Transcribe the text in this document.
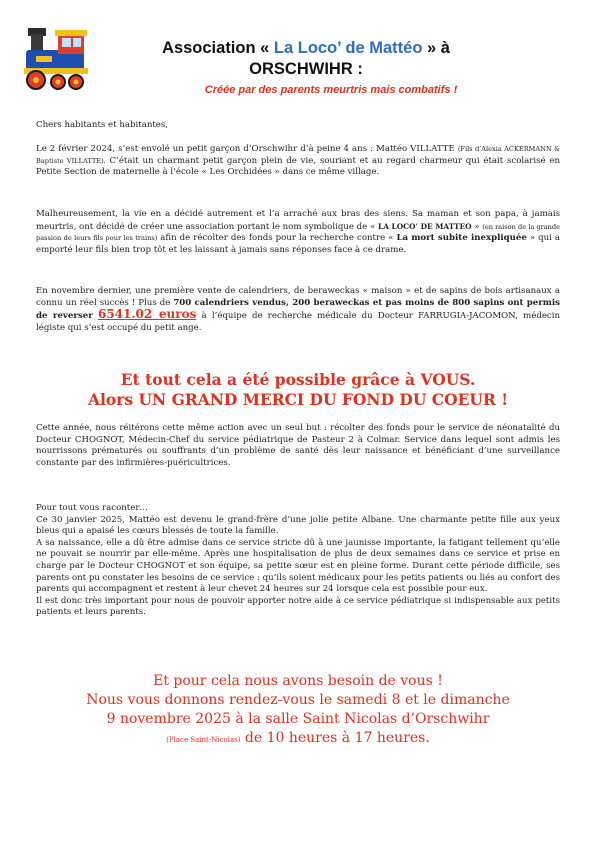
Association « La Loco’ de Mattéo » à
ORSCHWIHR :
Créée par des parents meurtris mais combatifs !

Chers habitants et habitantes,

Le 2 février 2024, s’est envolé un petit garçon d’Orschwihr d’à peine 4 ans : Mattéo VILLATTE (Fils d’Alexia ACKERMANN & Baptiste VILLATTE). C’était un charmant petit garçon plein de vie, souriant et au regard charmeur qui était scolarisé en Petite Section de maternelle à l’école « Les Orchidées » dans ce même village.

Malheureusement, la vie en a décidé autrement et l’a arraché aux bras des siens. Sa maman et son papa, à jamais meurtris, ont décidé de créer une association portant le nom symbolique de « LA LOCO’ DE MATTEO » (en raison de la grande passion de leurs fils pour les trains) afin de récolter des fonds pour la recherche contre « La mort subite inexpliquée » qui a emporté leur fils bien trop tôt et les laissant à jamais sans réponses face à ce drame.

En novembre dernier, une première vente de calendriers, de beraweckas « maison » et de sapins de bois artisanaux a connu un réel succès ! Plus de 700 calendriers vendus, 200 beraweckas et pas moins de 800 sapins ont permis de reverser 6541.02 euros à l’équipe de recherche médicale du Docteur FARRUGIA-JACOMON, médecin légiste qui s’est occupé du petit ange.

Et tout cela a été possible grâce à VOUS.
Alors UN GRAND MERCI DU FOND DU COEUR !

Cette année, nous réitérons cette même action avec un seul but : récolter des fonds pour le service de néonatalité du Docteur CHOGNOT, Médecin-Chef du service pédiatrique de Pasteur 2 à Colmar. Service dans lequel sont admis les nourrissons prématurés ou souffrants d’un problème de santé dès leur naissance et bénéficiant d’une surveillance constante par des infirmières-puéricultrices.

Pour tout vous raconter…
Ce 30 janvier 2025, Mattéo est devenu le grand-frère d’une jolie petite Albane. Une charmante petite fille aux yeux bleus qui a apaisé les cœurs blessés de toute la famille.
A sa naissance, elle a dû être admise dans ce service stricte dû à une jaunisse importante, la fatigant tellement qu’elle ne pouvait se nourrir par elle-même. Après une hospitalisation de plus de deux semaines dans ce service et prise en charge par le Docteur CHOGNOT et son équipe, sa petite sœur est en pleine forme. Durant cette période difficile, ses parents ont pu constater les besoins de ce service : qu’ils soient médicaux pour les petits patients ou liés au confort des parents qui accompagnent et restent à leur chevet 24 heures sur 24 lorsque cela est possible pour eux.
Il est donc très important pour nous de pouvoir apporter notre aide à ce service pédiatrique si indispensable aux petits patients et leurs parents.
Et pour cela nous avons besoin de vous !
Nous vous donnons rendez-vous le samedi 8 et le dimanche
9 novembre 2025 à la salle Saint Nicolas d’Orschwihr
(Place Saint-Nicolas) de 10 heures à 17 heures.
